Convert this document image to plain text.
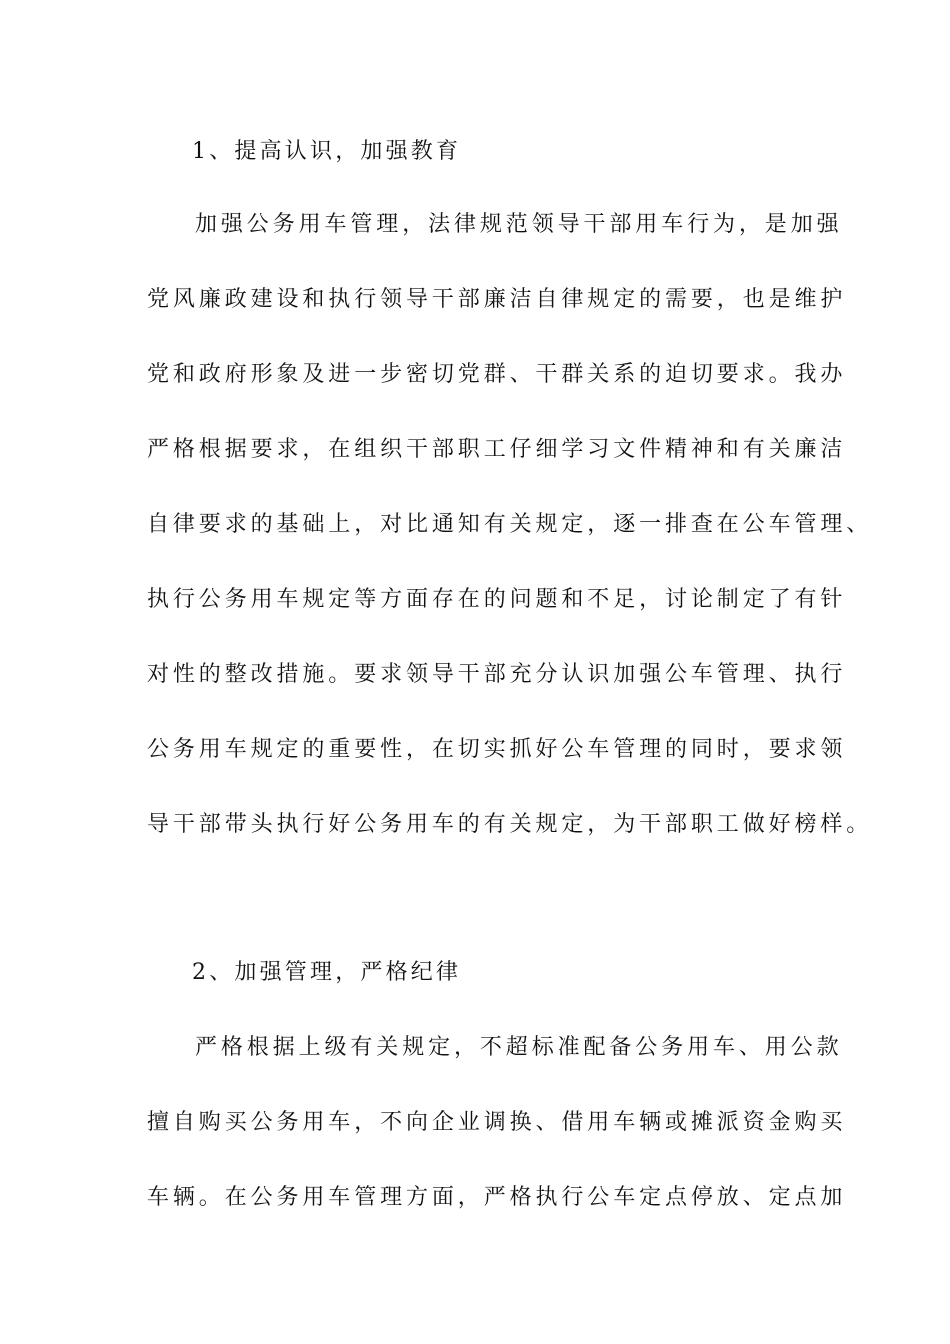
1、提高认识，加强教育
加强公务用车管理，法律规范领导干部用车行为，是加强
党风廉政建设和执行领导干部廉洁自律规定的需要，也是维护
党和政府形象及进一步密切党群、干群关系的迫切要求。我办
严格根据要求，在组织干部职工仔细学习文件精神和有关廉洁
自律要求的基础上，对比通知有关规定，逐一排查在公车管理、
执行公务用车规定等方面存在的问题和不足，讨论制定了有针
对性的整改措施。要求领导干部充分认识加强公车管理、执行
公务用车规定的重要性，在切实抓好公车管理的同时，要求领
导干部带头执行好公务用车的有关规定，为干部职工做好榜样。
2、加强管理，严格纪律
严格根据上级有关规定，不超标准配备公务用车、用公款
擅自购买公务用车，不向企业调换、借用车辆或摊派资金购买
车辆。在公务用车管理方面，严格执行公车定点停放、定点加
